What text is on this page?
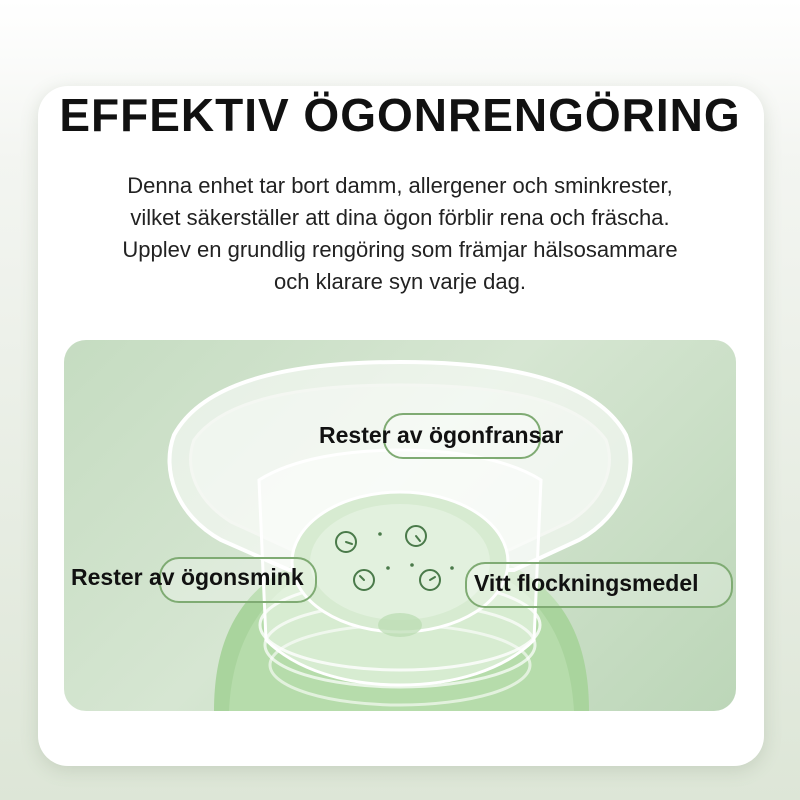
EFFEKTIV ÖGONRENGÖRING

Denna enhet tar bort damm, allergener och sminkrester,
vilket säkerställer att dina ögon förblir rena och fräscha.
Upplev en grundlig rengöring som främjar hälsosammare
och klarare syn varje dag.

Rester av ögonfransar
Rester av ögonsmink	Vitt flockningsmedel
